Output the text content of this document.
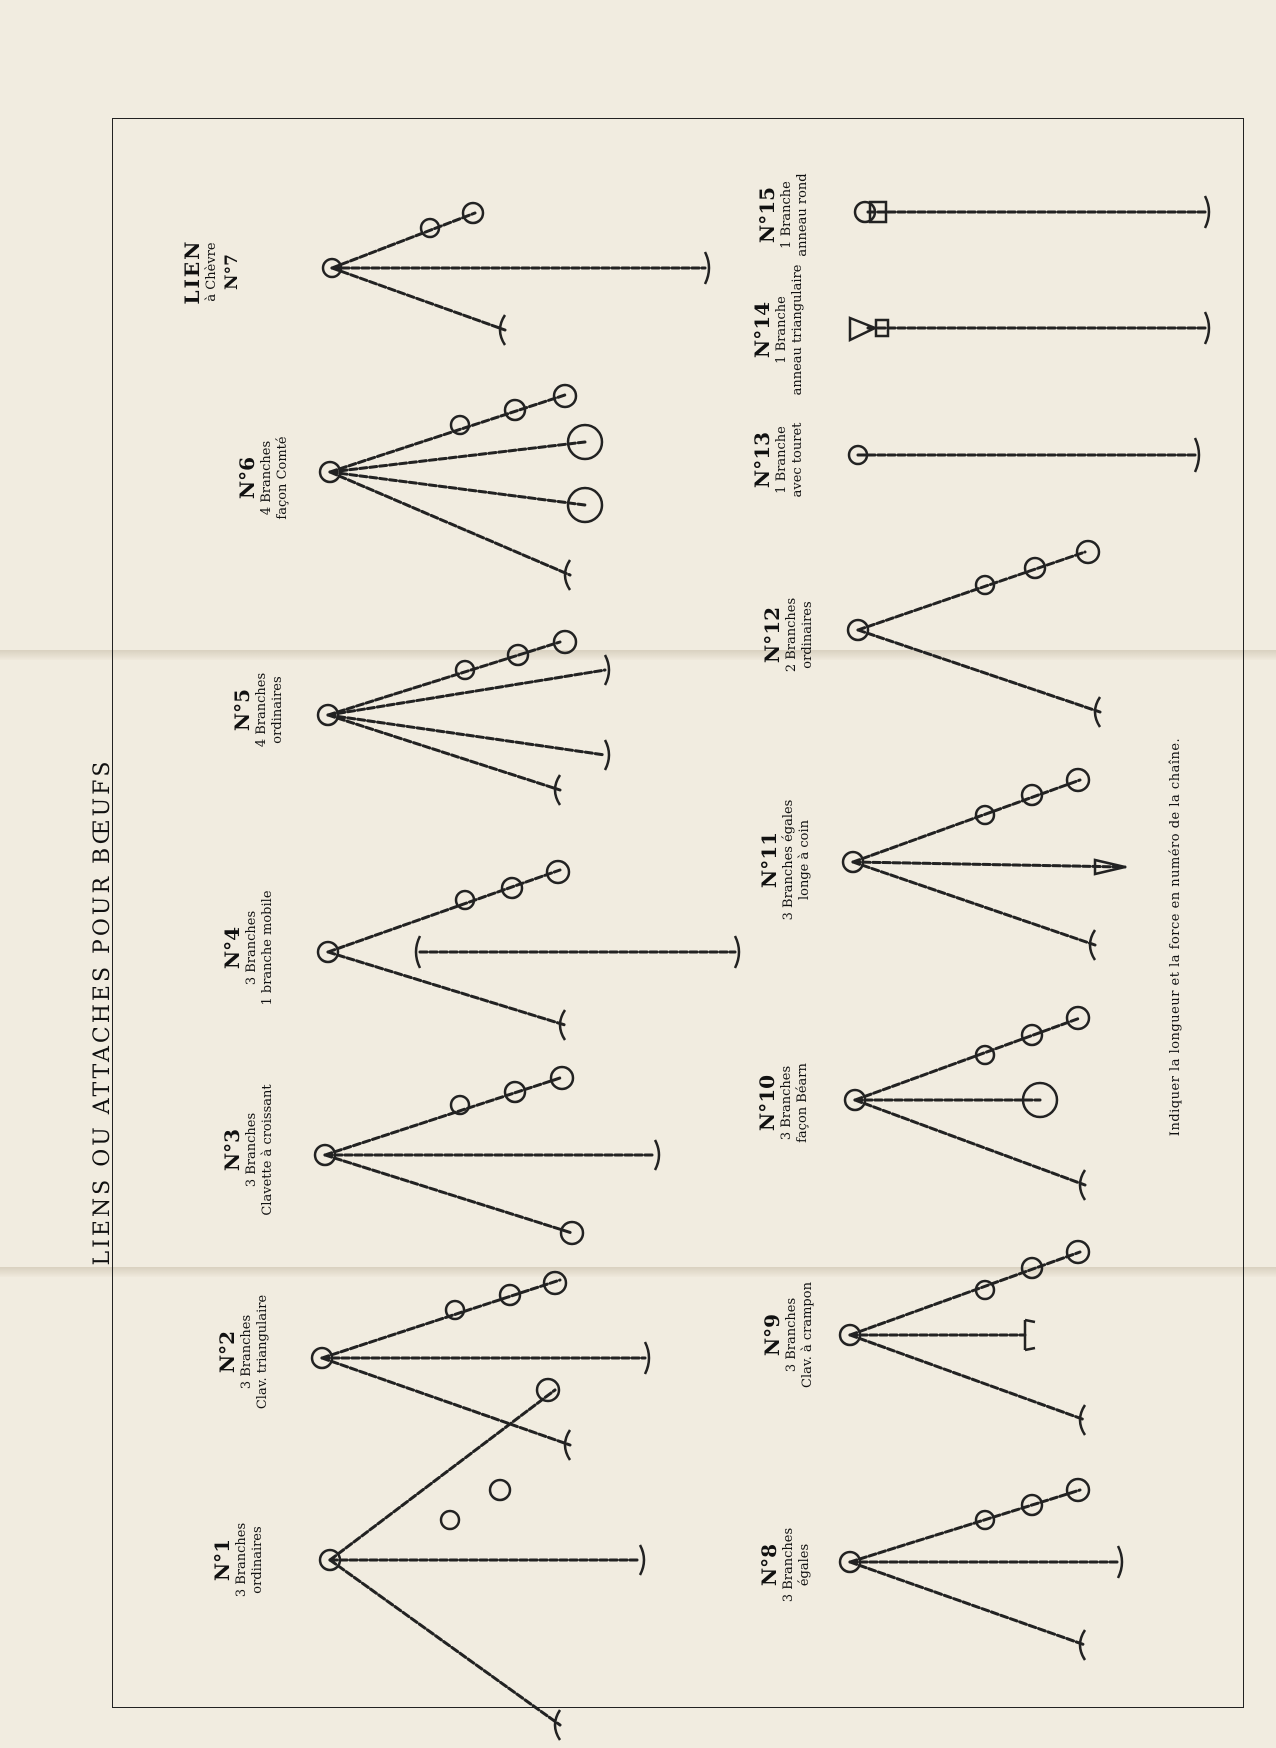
LIENS OU ATTACHES POUR BŒUFS
LIEN à Chèvre N°7
N°1 3 Branches ordinaires
N°2 3 Branches Clav. triangulaire
N°3 3 Branches Clavette à croissant
N°4 3 Branches 1 branche mobile
N°5 4 Branches ordinaires
N°6 4 Branches façon Comté
N°8 3 Branches égales
N°9 3 Branches Clav. à crampon
N°10 3 Branches façon Béarn
N°11 3 Branches égales longe à coin
N°12 2 Branches ordinaires
N°13 1 Branche avec touret
N°14 1 Branche anneau triangulaire
N°15 1 Branche anneau rond
Indiquer la longueur et la force en numéro de la chaîne.
